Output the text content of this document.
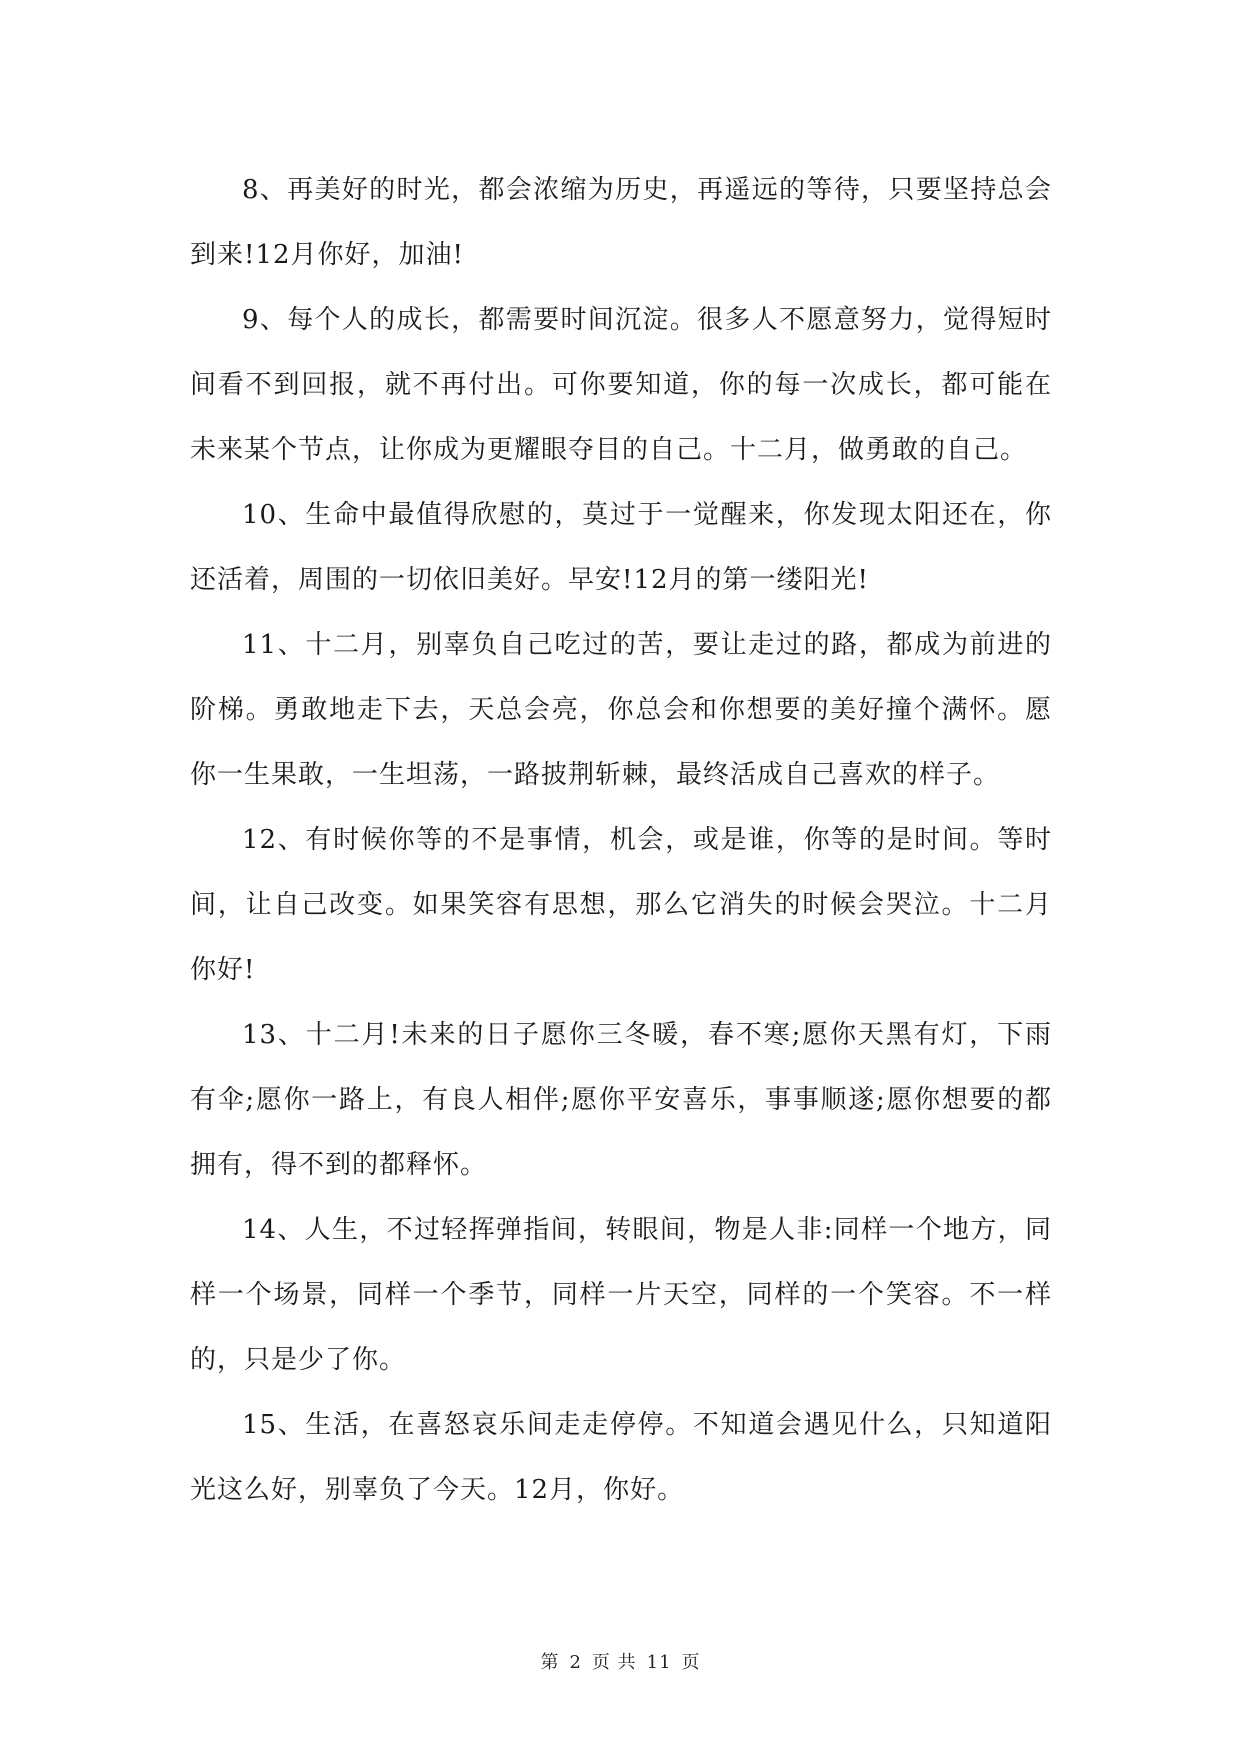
8、再美好的时光，都会浓缩为历史，再遥远的等待，只要坚持总会到来!12月你好，加油!

9、每个人的成长，都需要时间沉淀。很多人不愿意努力，觉得短时间看不到回报，就不再付出。可你要知道，你的每一次成长，都可能在未来某个节点，让你成为更耀眼夺目的自己。十二月，做勇敢的自己。

10、生命中最值得欣慰的，莫过于一觉醒来，你发现太阳还在，你还活着，周围的一切依旧美好。早安!12月的第一缕阳光!

11、十二月，别辜负自己吃过的苦，要让走过的路，都成为前进的阶梯。勇敢地走下去，天总会亮，你总会和你想要的美好撞个满怀。愿你一生果敢，一生坦荡，一路披荆斩棘，最终活成自己喜欢的样子。

12、有时候你等的不是事情，机会，或是谁，你等的是时间。等时间，让自己改变。如果笑容有思想，那么它消失的时候会哭泣。十二月你好!

13、十二月!未来的日子愿你三冬暖，春不寒;愿你天黑有灯，下雨有伞;愿你一路上，有良人相伴;愿你平安喜乐，事事顺遂;愿你想要的都拥有，得不到的都释怀。

14、人生，不过轻挥弹指间，转眼间，物是人非:同样一个地方，同样一个场景，同样一个季节，同样一片天空，同样的一个笑容。不一样的，只是少了你。

15、生活，在喜怒哀乐间走走停停。不知道会遇见什么，只知道阳光这么好，别辜负了今天。12月，你好。

第 2 页 共 11 页
